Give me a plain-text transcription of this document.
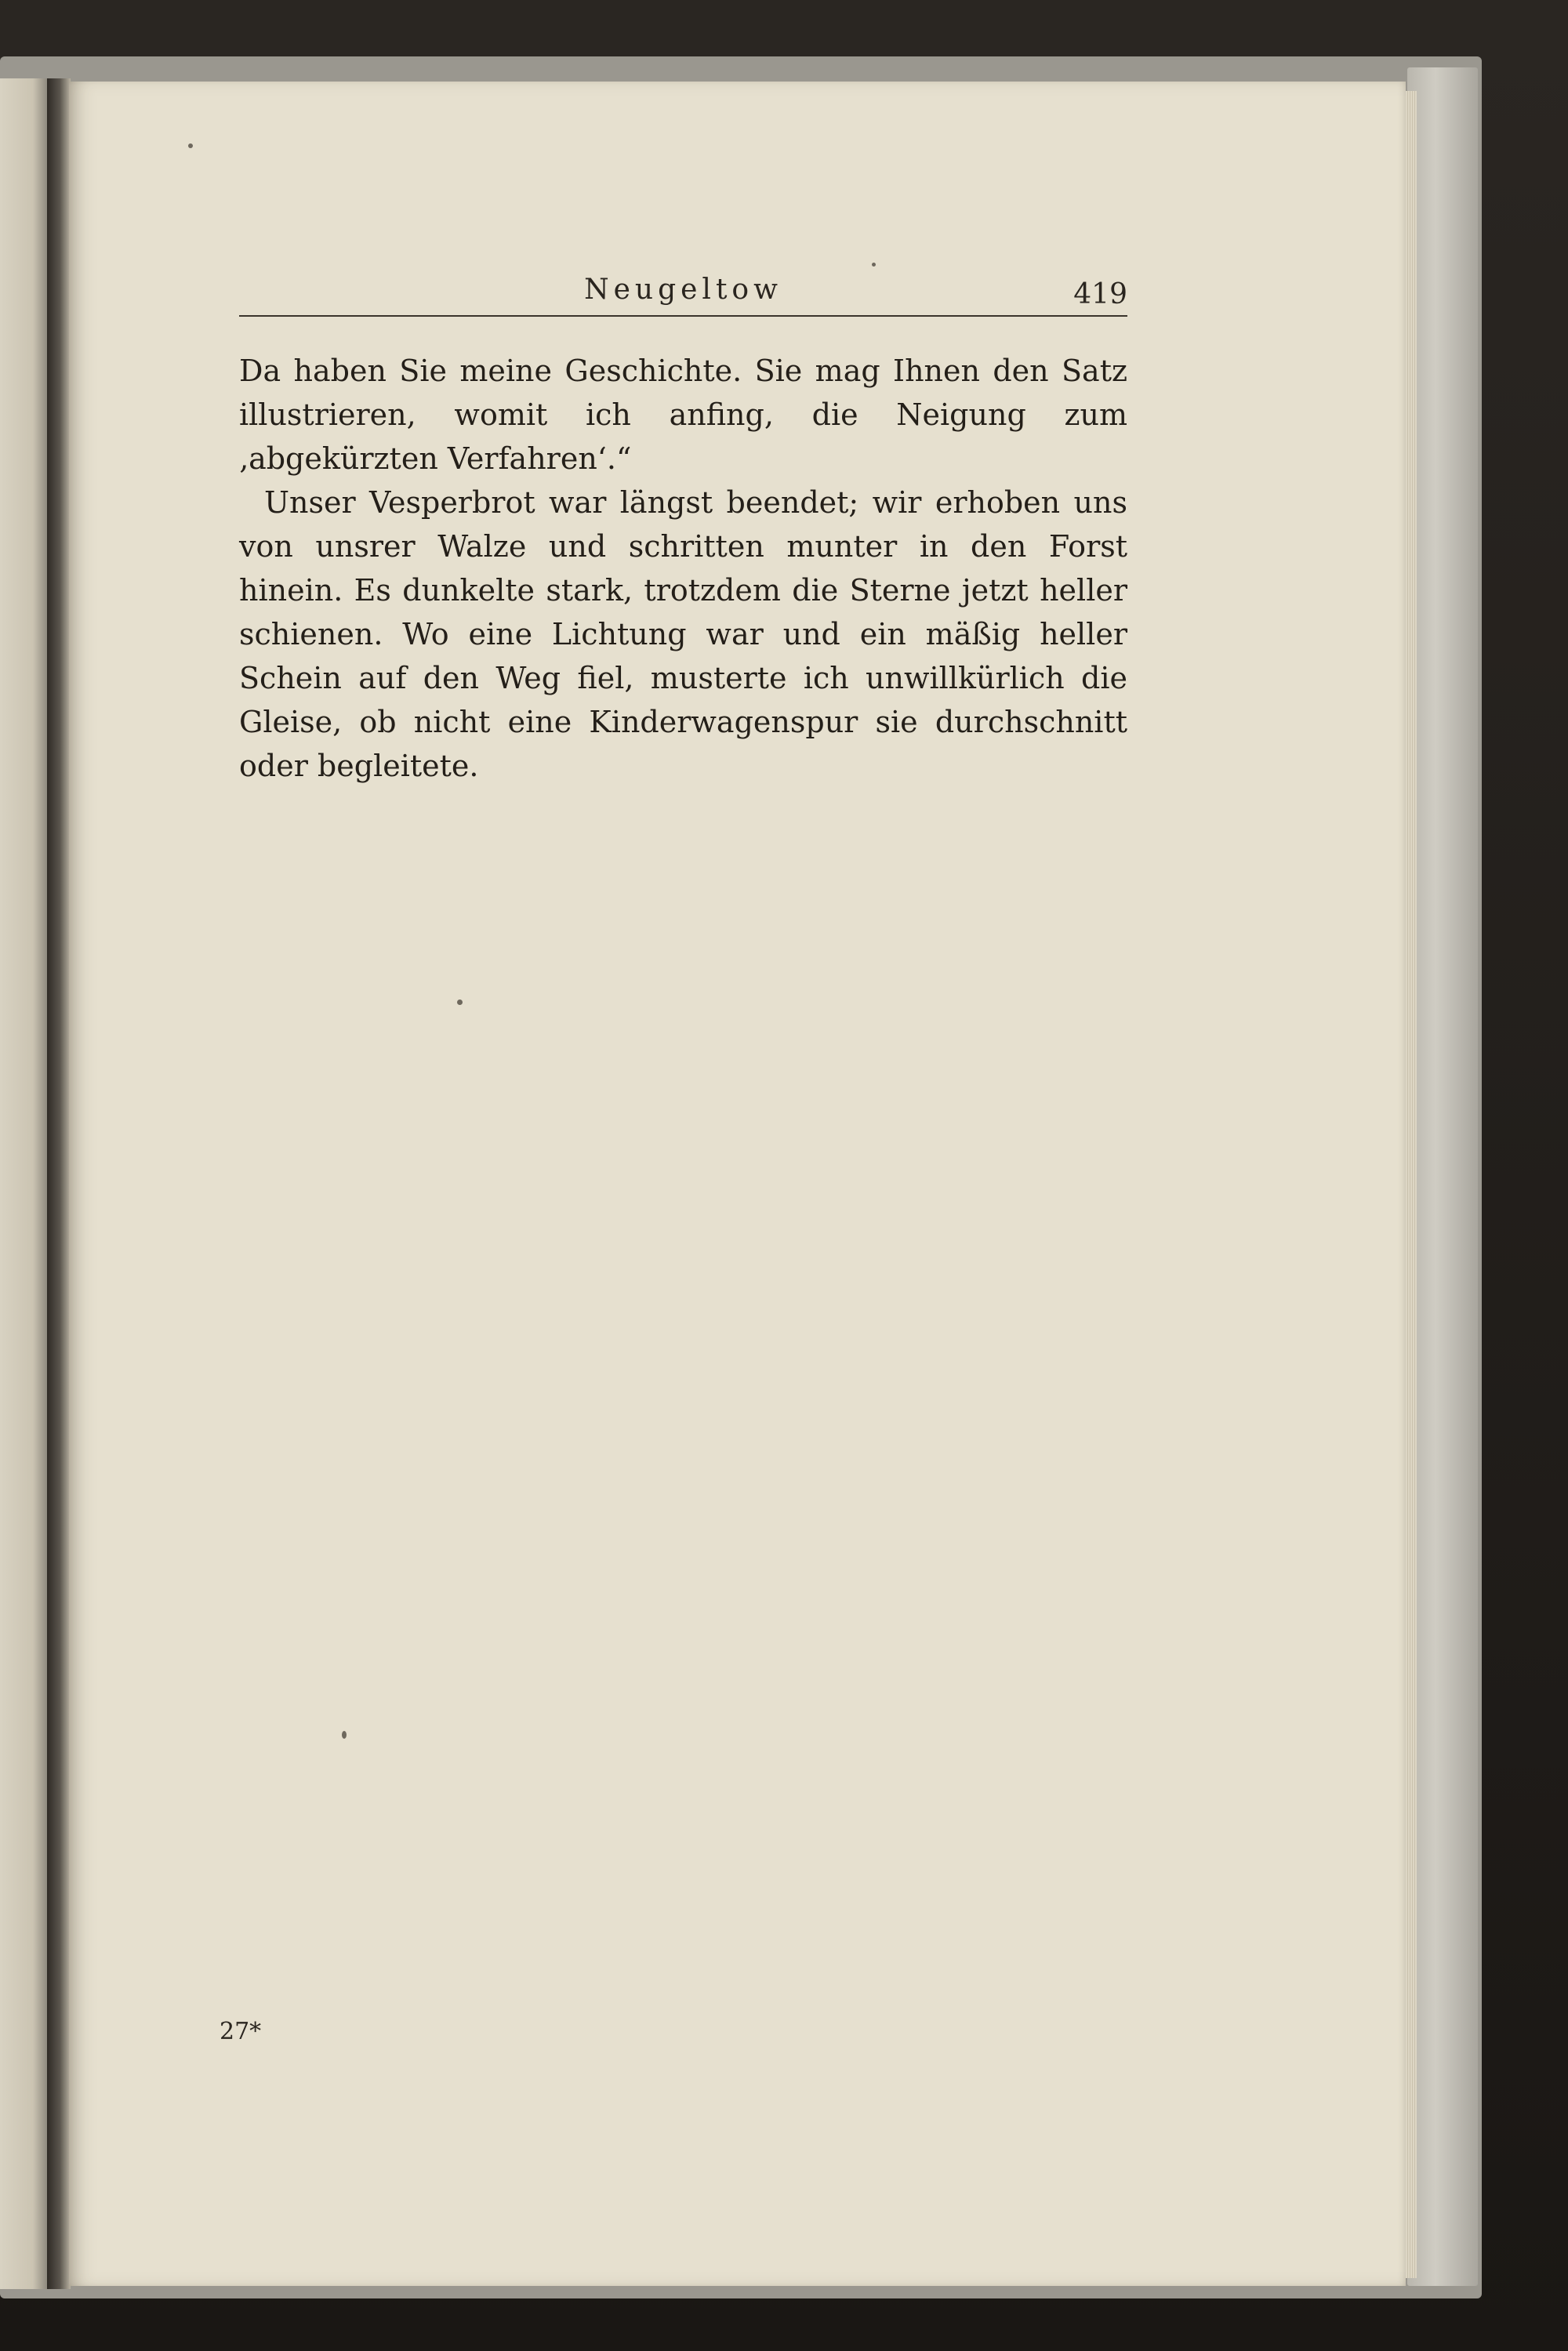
Neugeltow	419

Da haben Sie meine Geschichte. Sie mag Ihnen den Satz illustrieren, womit ich anfing, die Neigung zum ‚abgekürzten Verfahren‘.“

Unser Vesperbrot war längst beendet; wir erhoben uns von unsrer Walze und schritten munter in den Forst hinein. Es dunkelte stark, trotzdem die Sterne jetzt heller schienen. Wo eine Lichtung war und ein mäßig heller Schein auf den Weg fiel, musterte ich unwillkürlich die Gleise, ob nicht eine Kinderwagenspur sie durchschnitt oder begleitete.

27*
